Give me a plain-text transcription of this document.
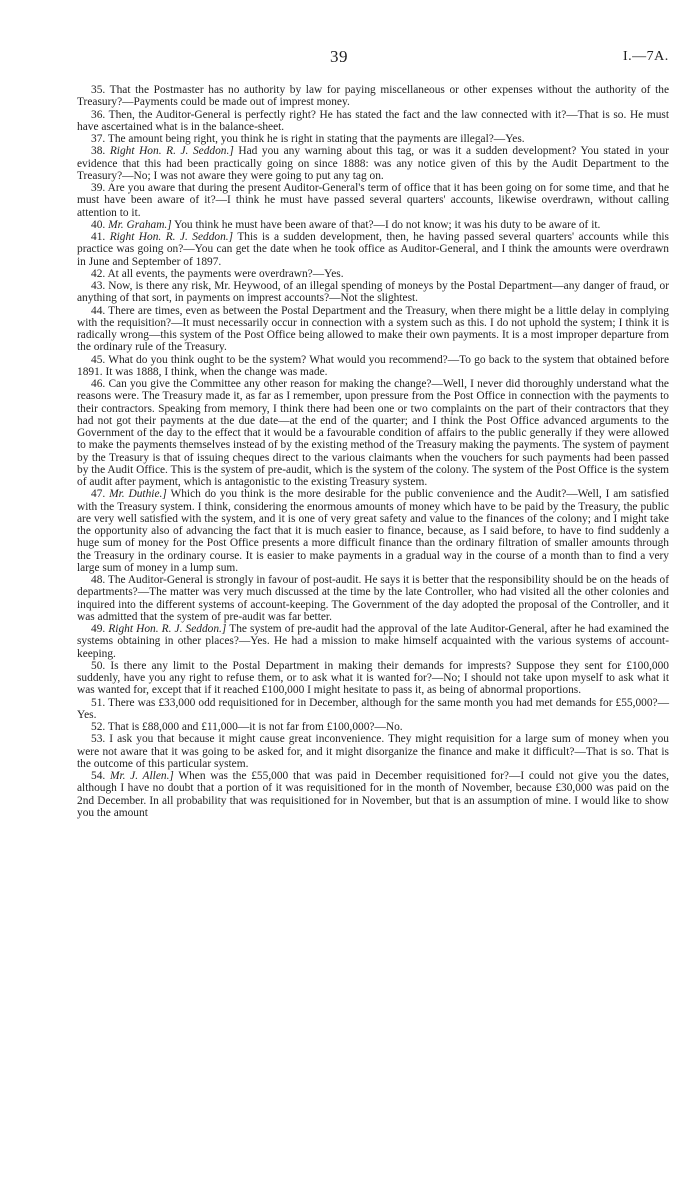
39	I.—7A.

35. That the Postmaster has no authority by law for paying miscellaneous or other expenses without the authority of the Treasury?—Payments could be made out of imprest money.

36. Then, the Auditor-General is perfectly right? He has stated the fact and the law connected with it?—That is so. He must have ascertained what is in the balance-sheet.

37. The amount being right, you think he is right in stating that the payments are illegal?—Yes.

38. Right Hon. R. J. Seddon.] Had you any warning about this tag, or was it a sudden development? You stated in your evidence that this had been practically going on since 1888: was any notice given of this by the Audit Department to the Treasury?—No; I was not aware they were going to put any tag on.

39. Are you aware that during the present Auditor-General's term of office that it has been going on for some time, and that he must have been aware of it?—I think he must have passed several quarters' accounts, likewise overdrawn, without calling attention to it.

40. Mr. Graham.] You think he must have been aware of that?—I do not know; it was his duty to be aware of it.

41. Right Hon. R. J. Seddon.] This is a sudden development, then, he having passed several quarters' accounts while this practice was going on?—You can get the date when he took office as Auditor-General, and I think the amounts were overdrawn in June and September of 1897.

42. At all events, the payments were overdrawn?—Yes.

43. Now, is there any risk, Mr. Heywood, of an illegal spending of moneys by the Postal Department—any danger of fraud, or anything of that sort, in payments on imprest accounts?—Not the slightest.

44. There are times, even as between the Postal Department and the Treasury, when there might be a little delay in complying with the requisition?—It must necessarily occur in connection with a system such as this. I do not uphold the system; I think it is radically wrong—this system of the Post Office being allowed to make their own payments. It is a most improper departure from the ordinary rule of the Treasury.

45. What do you think ought to be the system? What would you recommend?—To go back to the system that obtained before 1891. It was 1888, I think, when the change was made.

46. Can you give the Committee any other reason for making the change?—Well, I never did thoroughly understand what the reasons were. The Treasury made it, as far as I remember, upon pressure from the Post Office in connection with the payments to their contractors. Speaking from memory, I think there had been one or two complaints on the part of their contractors that they had not got their payments at the due date—at the end of the quarter; and I think the Post Office advanced arguments to the Government of the day to the effect that it would be a favourable condition of affairs to the public generally if they were allowed to make the payments themselves instead of by the existing method of the Treasury making the payments. The system of payment by the Treasury is that of issuing cheques direct to the various claimants when the vouchers for such payments had been passed by the Audit Office. This is the system of pre-audit, which is the system of the colony. The system of the Post Office is the system of audit after payment, which is antagonistic to the existing Treasury system.

47. Mr. Duthie.] Which do you think is the more desirable for the public convenience and the Audit?—Well, I am satisfied with the Treasury system. I think, considering the enormous amounts of money which have to be paid by the Treasury, the public are very well satisfied with the system, and it is one of very great safety and value to the finances of the colony; and I might take the opportunity also of advancing the fact that it is much easier to finance, because, as I said before, to have to find suddenly a huge sum of money for the Post Office presents a more difficult finance than the ordinary filtration of smaller amounts through the Treasury in the ordinary course. It is easier to make payments in a gradual way in the course of a month than to find a very large sum of money in a lump sum.

48. The Auditor-General is strongly in favour of post-audit. He says it is better that the responsibility should be on the heads of departments?—The matter was very much discussed at the time by the late Controller, who had visited all the other colonies and inquired into the different systems of account-keeping. The Government of the day adopted the proposal of the Controller, and it was admitted that the system of pre-audit was far better.

49. Right Hon. R. J. Seddon.] The system of pre-audit had the approval of the late Auditor-General, after he had examined the systems obtaining in other places?—Yes. He had a mission to make himself acquainted with the various systems of account-keeping.

50. Is there any limit to the Postal Department in making their demands for imprests? Suppose they sent for £100,000 suddenly, have you any right to refuse them, or to ask what it is wanted for?—No; I should not take upon myself to ask what it was wanted for, except that if it reached £100,000 I might hesitate to pass it, as being of abnormal proportions.

51. There was £33,000 odd requisitioned for in December, although for the same month you had met demands for £55,000?—Yes.

52. That is £88,000 and £11,000—it is not far from £100,000?—No.

53. I ask you that because it might cause great inconvenience. They might requisition for a large sum of money when you were not aware that it was going to be asked for, and it might disorganize the finance and make it difficult?—That is so. That is the outcome of this particular system.

54. Mr. J. Allen.] When was the £55,000 that was paid in December requisitioned for?—I could not give you the dates, although I have no doubt that a portion of it was requisitioned for in the month of November, because £30,000 was paid on the 2nd December. In all probability that was requisitioned for in November, but that is an assumption of mine. I would like to show you the amount
